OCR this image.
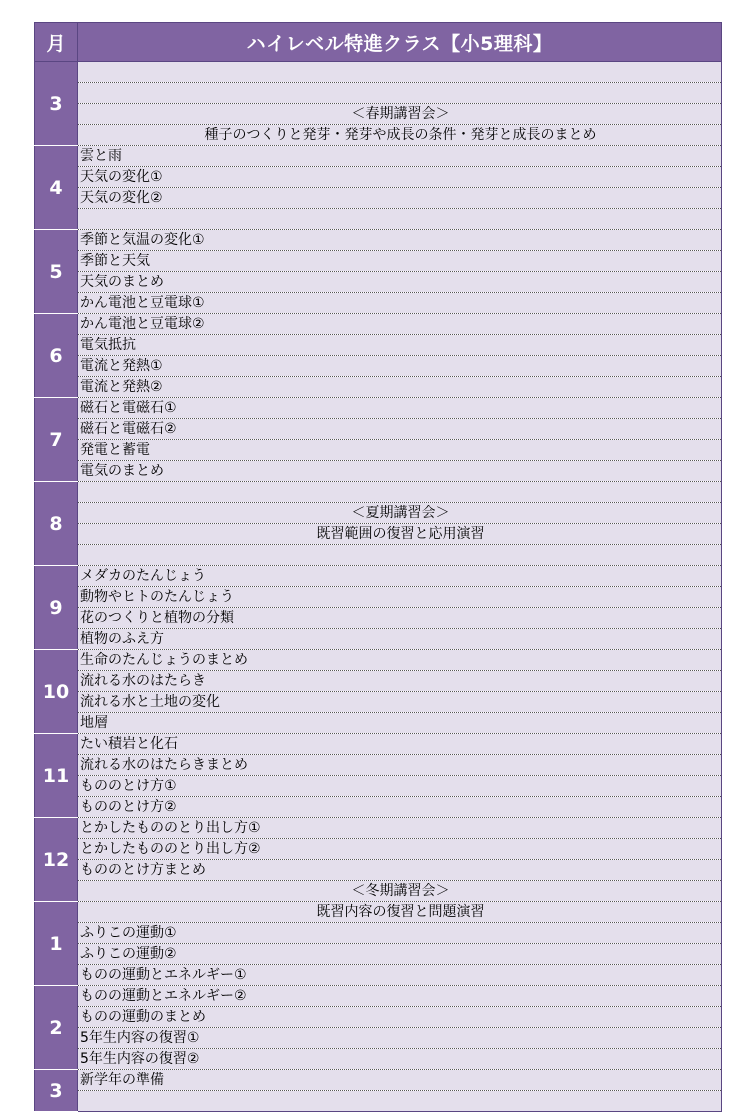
月	ハイレベル特進クラス【小5理科】
3	

	＜春期講習会＞
	種子のつくりと発芽・発芽や成長の条件・発芽と成長のまとめ
4	雲と雨
	天気の変化①
	天気の変化②

5	季節と気温の変化①
	季節と天気
	天気のまとめ
	かん電池と豆電球①
6	かん電池と豆電球②
	電気抵抗
	電流と発熱①
	電流と発熱②
7	磁石と電磁石①
	磁石と電磁石②
	発電と蓄電
	電気のまとめ
8	
	＜夏期講習会＞
	既習範囲の復習と応用演習

9	メダカのたんじょう
	動物やヒトのたんじょう
	花のつくりと植物の分類
	植物のふえ方
10	生命のたんじょうのまとめ
	流れる水のはたらき
	流れる水と土地の変化
	地層
11	たい積岩と化石
	流れる水のはたらきまとめ
	もののとけ方①
	もののとけ方②
12	とかしたもののとり出し方①
	とかしたもののとり出し方②
	もののとけ方まとめ
	＜冬期講習会＞
1	既習内容の復習と問題演習
	ふりこの運動①
	ふりこの運動②
	ものの運動とエネルギー①
2	ものの運動とエネルギー②
	ものの運動のまとめ
	5年生内容の復習①
	5年生内容の復習②
3	新学年の準備
